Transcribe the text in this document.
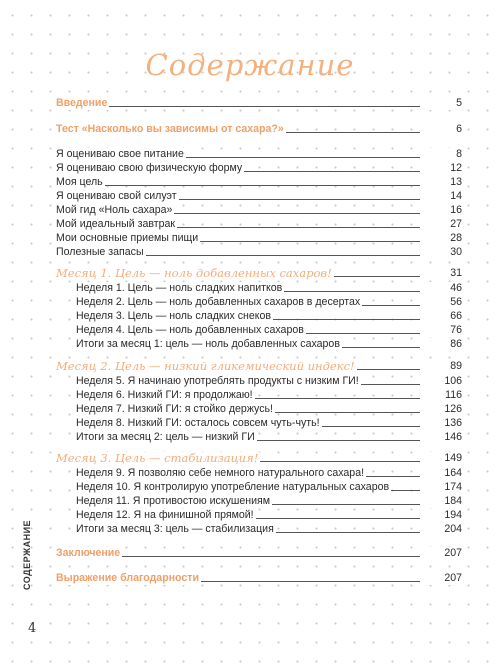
Содержание
Введение	5
Тест «Насколько вы зависимы от сахара?»	6
Я оцениваю свое питание	8
Я оцениваю свою физическую форму	12
Моя цель	13
Я оцениваю свой силуэт	14
Мой гид «Ноль сахара»	16
Мой идеальный завтрак	27
Мои основные приемы пищи	28
Полезные запасы	30
Месяц 1. Цель — ноль добавленных сахаров!	31
Неделя 1. Цель — ноль сладких напитков	46
Неделя 2. Цель — ноль добавленных сахаров в десертах	56
Неделя 3. Цель — ноль сладких снеков	66
Неделя 4. Цель — ноль добавленных сахаров	76
Итоги за месяц 1: цель — ноль добавленных сахаров	86
Месяц 2. Цель — низкий гликемический индекс!	89
Неделя 5. Я начинаю употреблять продукты с низким ГИ!	106
Неделя 6. Низкий ГИ: я продолжаю!	116
Неделя 7. Низкий ГИ: я стойко держусь!	126
Неделя 8. Низкий ГИ: осталось совсем чуть-чуть!	136
Итоги за месяц 2: цель — низкий ГИ	146
Месяц 3. Цель — стабилизация!	149
Неделя 9. Я позволяю себе немного натурального сахара!	164
Неделя 10. Я контролирую употребление натуральных сахаров	174
Неделя 11. Я противостою искушениям	184
Неделя 12. Я на финишной прямой!	194
Итоги за месяц 3: цель — стабилизация	204
Заключение	207
Выражение благодарности	207
СОДЕРЖАНИЕ
4
